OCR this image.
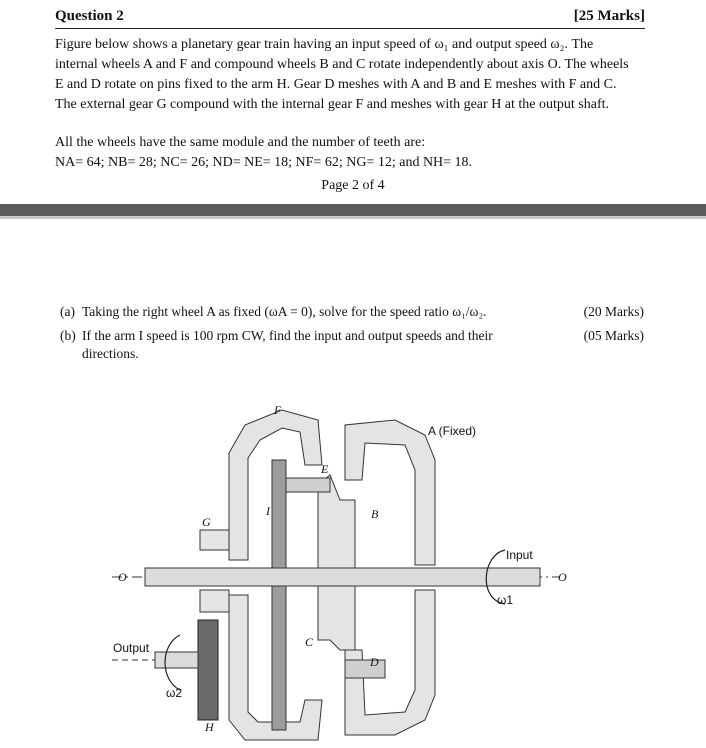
Question 2	[25 Marks]
Figure below shows a planetary gear train having an input speed of ω₁ and output speed ω₂. The
internal wheels A and F and compound wheels B and C rotate independently about axis O. The wheels
E and D rotate on pins fixed to the arm H. Gear D meshes with A and B and E meshes with F and C.
The external gear G compound with the internal gear F and meshes with gear H at the output shaft.
All the wheels have the same module and the number of teeth are:
NA= 64; NB= 28; NC= 26; ND= NE= 18; NF= 62; NG= 12; and NH= 18.
Page 2 of 4
(a) Taking the right wheel A as fixed (ωA = 0), solve for the speed ratio ω₁/ω₂.	(20 Marks)
(b) If the arm I speed is 100 rpm CW, find the input and output speeds and their
directions.
(05 Marks)
F
A (Fixed)
E
B
I
G
C
D
H
O	O
Input
ω1
Output
ω2
